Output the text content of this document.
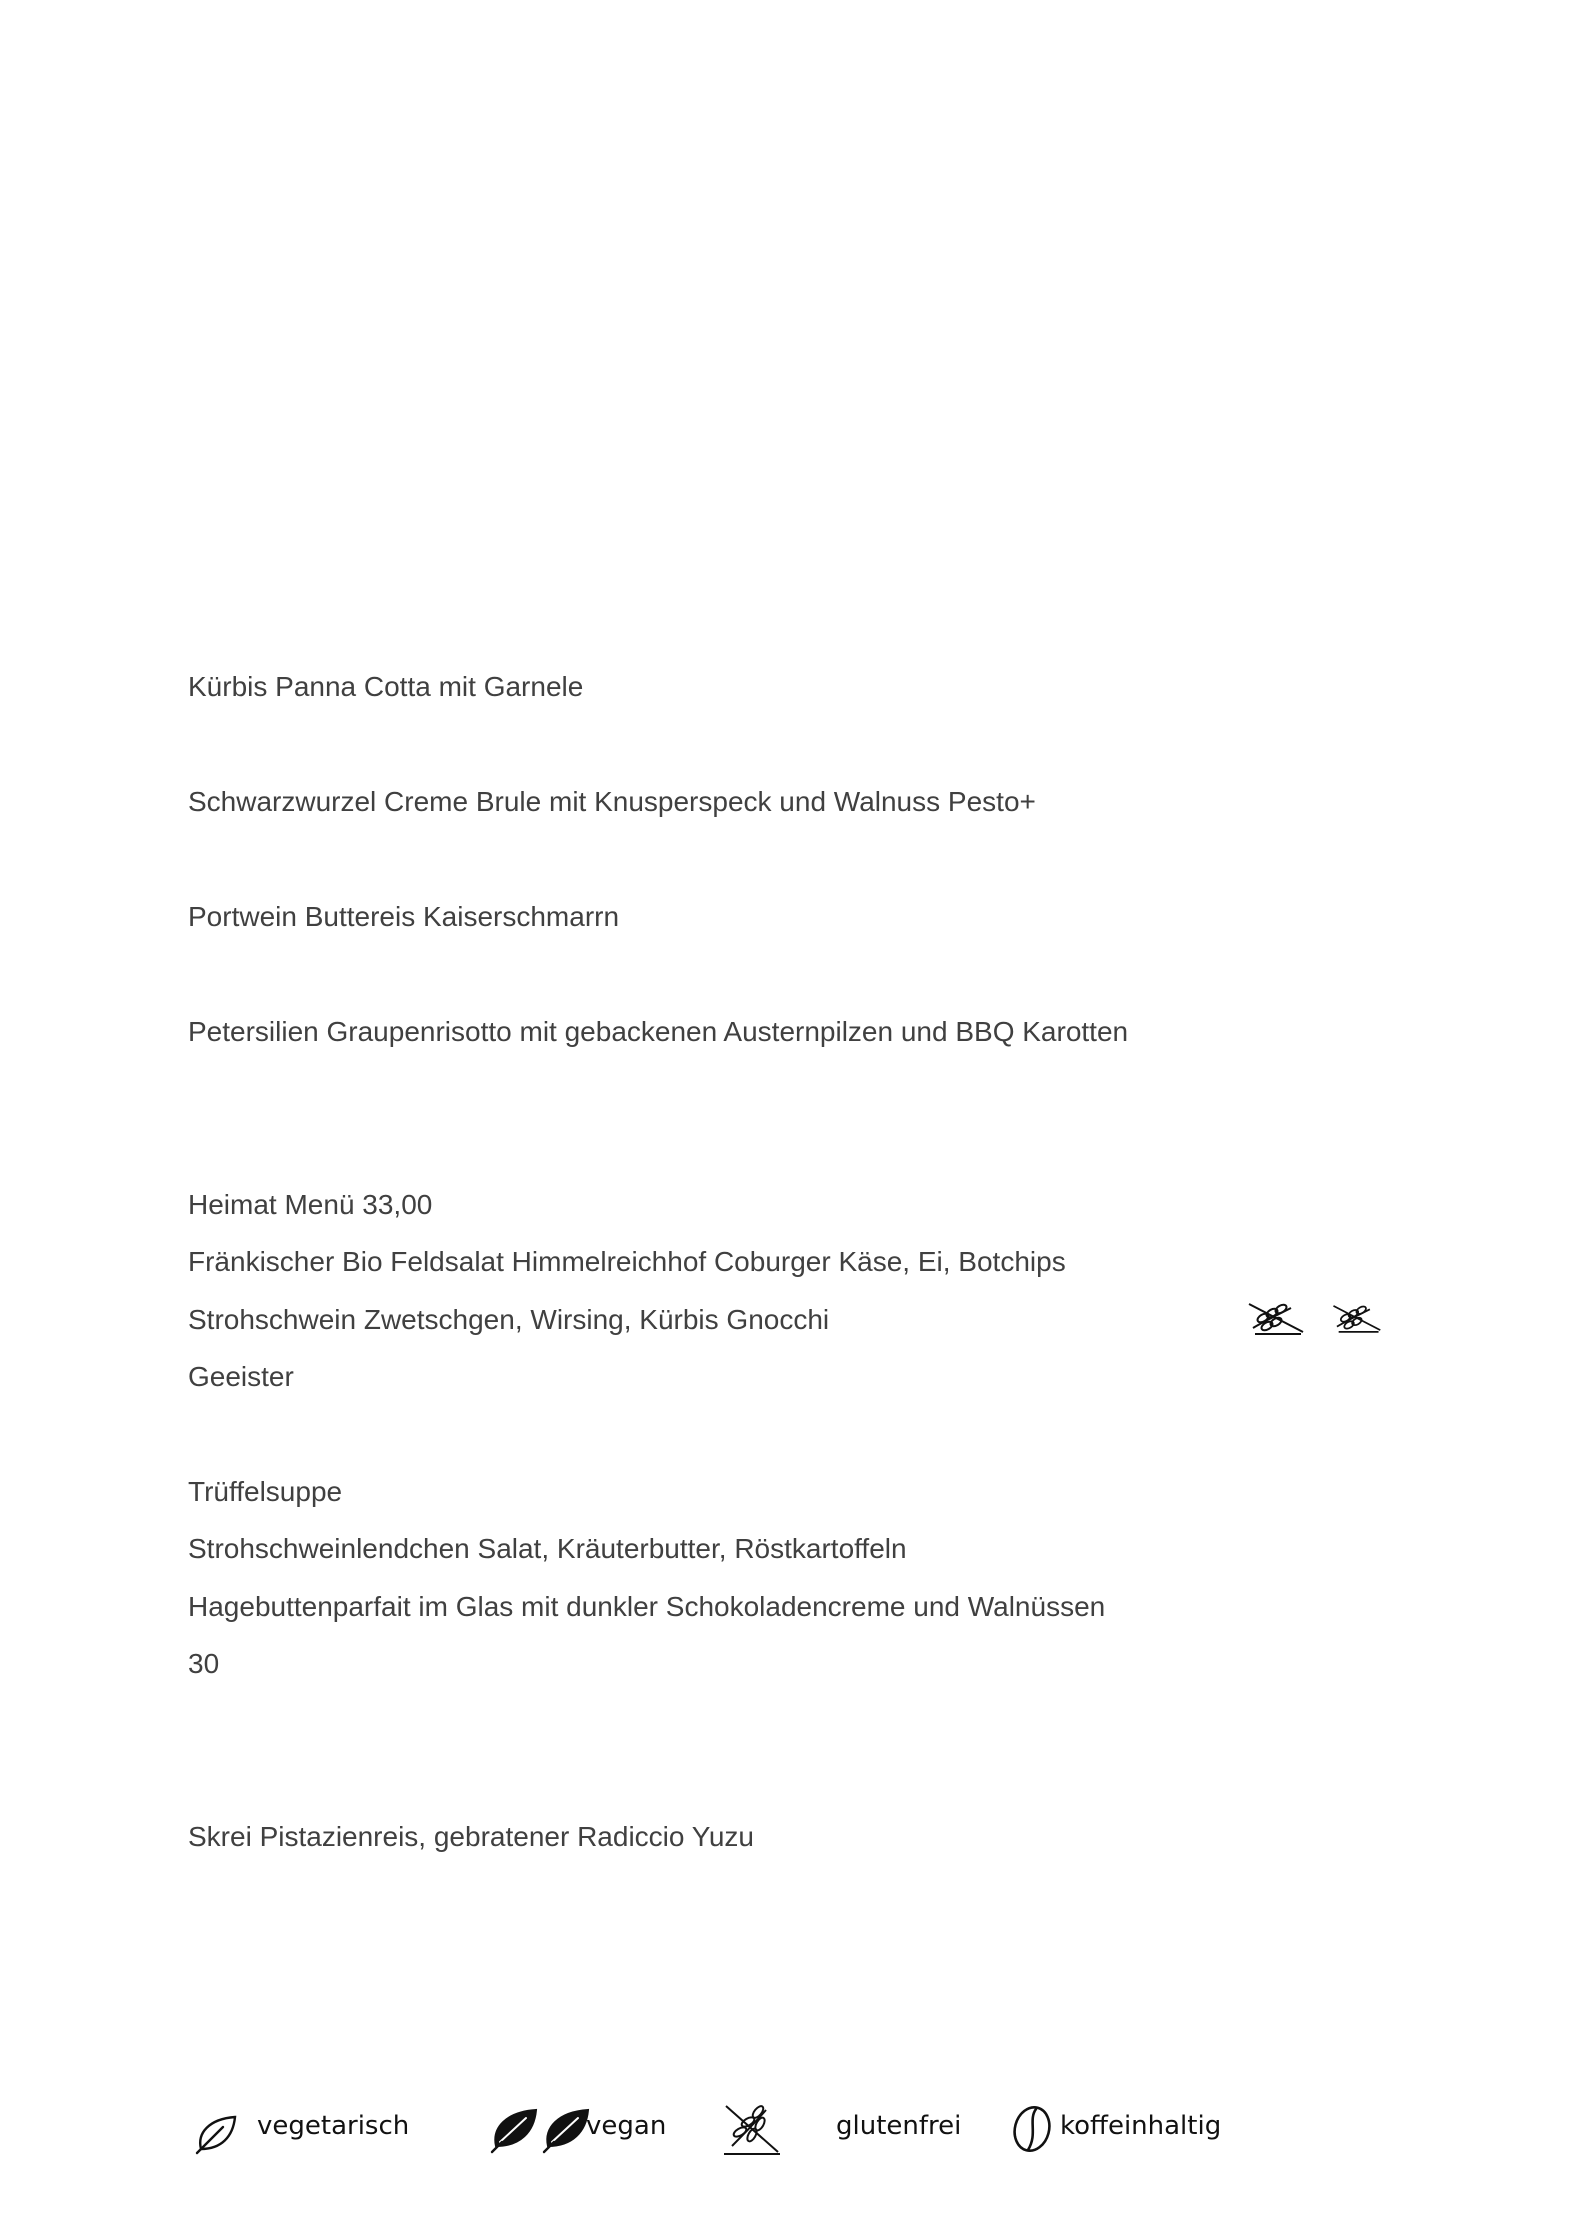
Kürbis Panna Cotta mit Garnele
Schwarzwurzel Creme Brule mit Knusperspeck und Walnuss Pesto+
Portwein Buttereis Kaiserschmarrn
Petersilien Graupenrisotto mit gebackenen Austernpilzen und BBQ Karotten
Heimat Menü 33,00
Fränkischer Bio Feldsalat Himmelreichhof Coburger Käse, Ei, Botchips
Strohschwein Zwetschgen, Wirsing, Kürbis Gnocchi
Geeister
Trüffelsuppe
Strohschweinlendchen Salat, Kräuterbutter, Röstkartoffeln
Hagebuttenparfait im Glas mit dunkler Schokoladencreme und Walnüssen
30
Skrei Pistazienreis, gebratener Radiccio Yuzu
vegetarisch	vegan	glutenfrei	koffeinhaltig
